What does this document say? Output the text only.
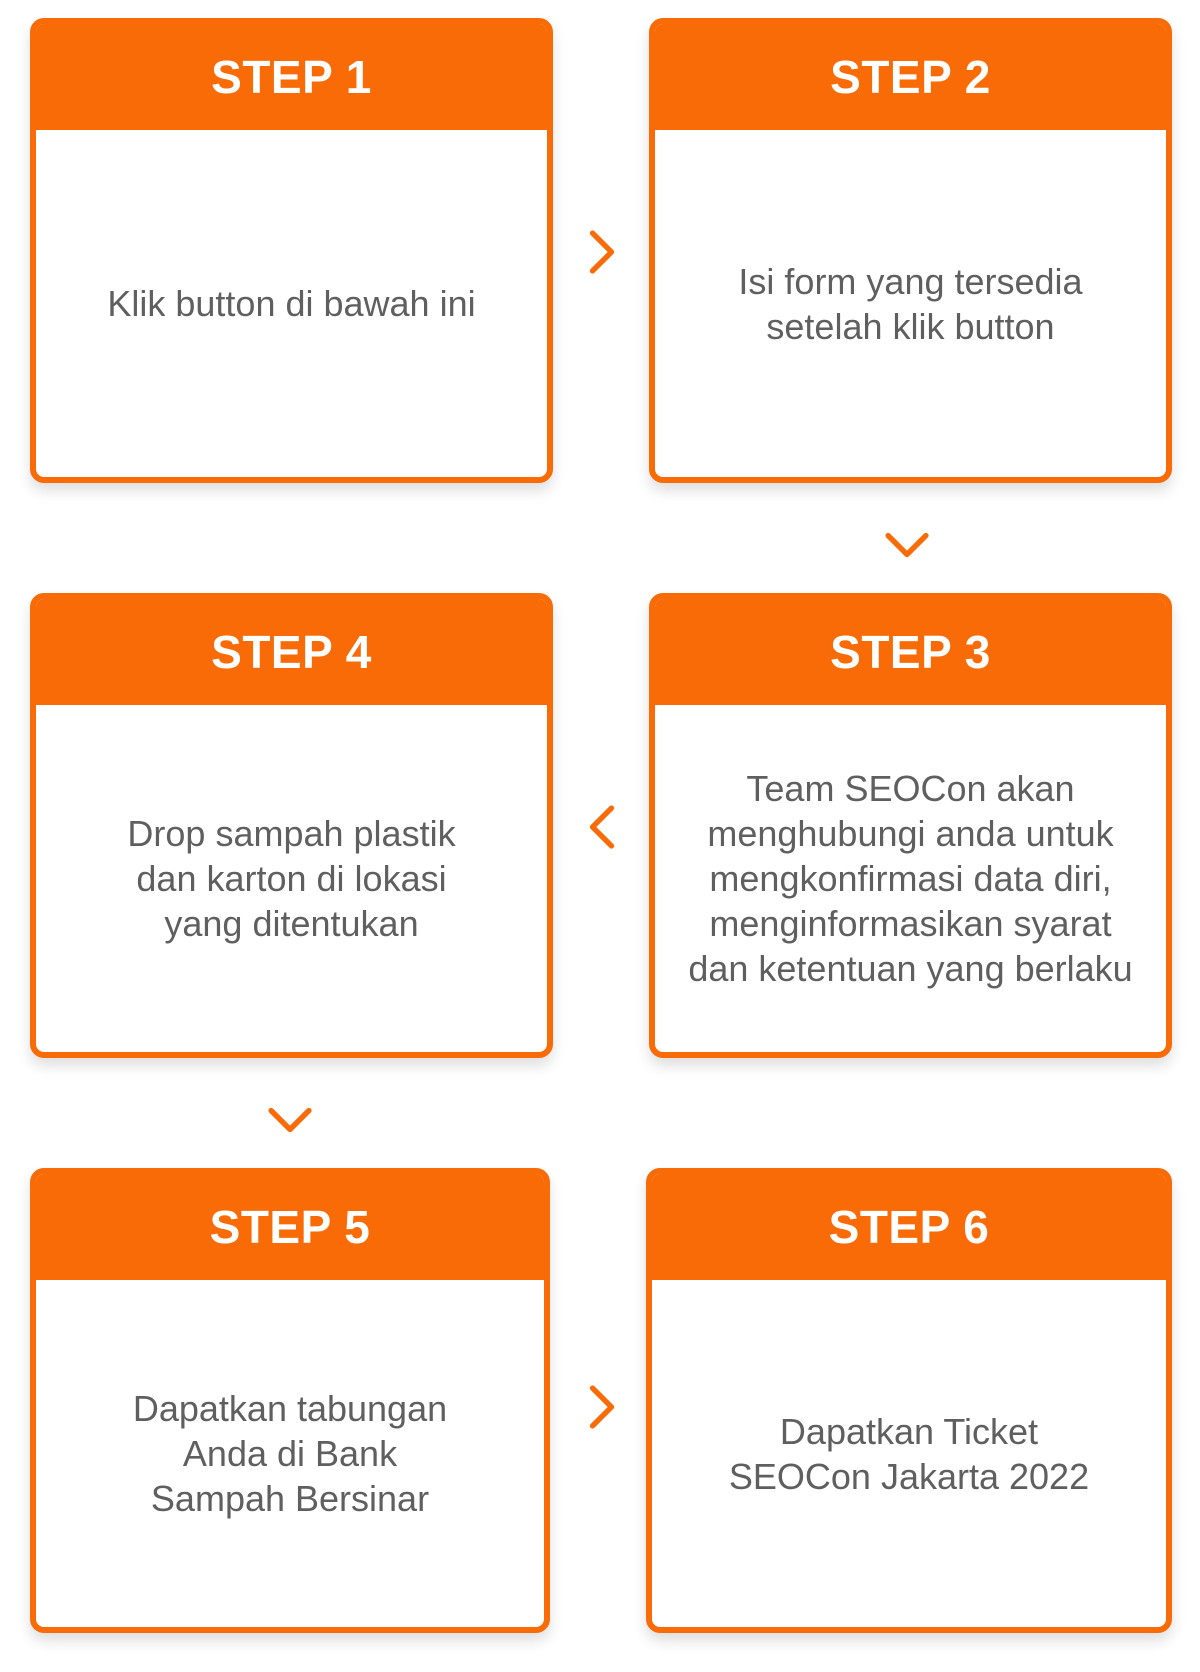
STEP 1
Klik button di bawah ini
STEP 2
Isi form yang tersedia setelah klik button
STEP 4
Drop sampah plastik dan karton di lokasi yang ditentukan
STEP 3
Team SEOCon akan menghubungi anda untuk mengkonfirmasi data diri, menginformasikan syarat dan ketentuan yang berlaku
STEP 5
Dapatkan tabungan Anda di Bank Sampah Bersinar
STEP 6
Dapatkan Ticket SEOCon Jakarta 2022
